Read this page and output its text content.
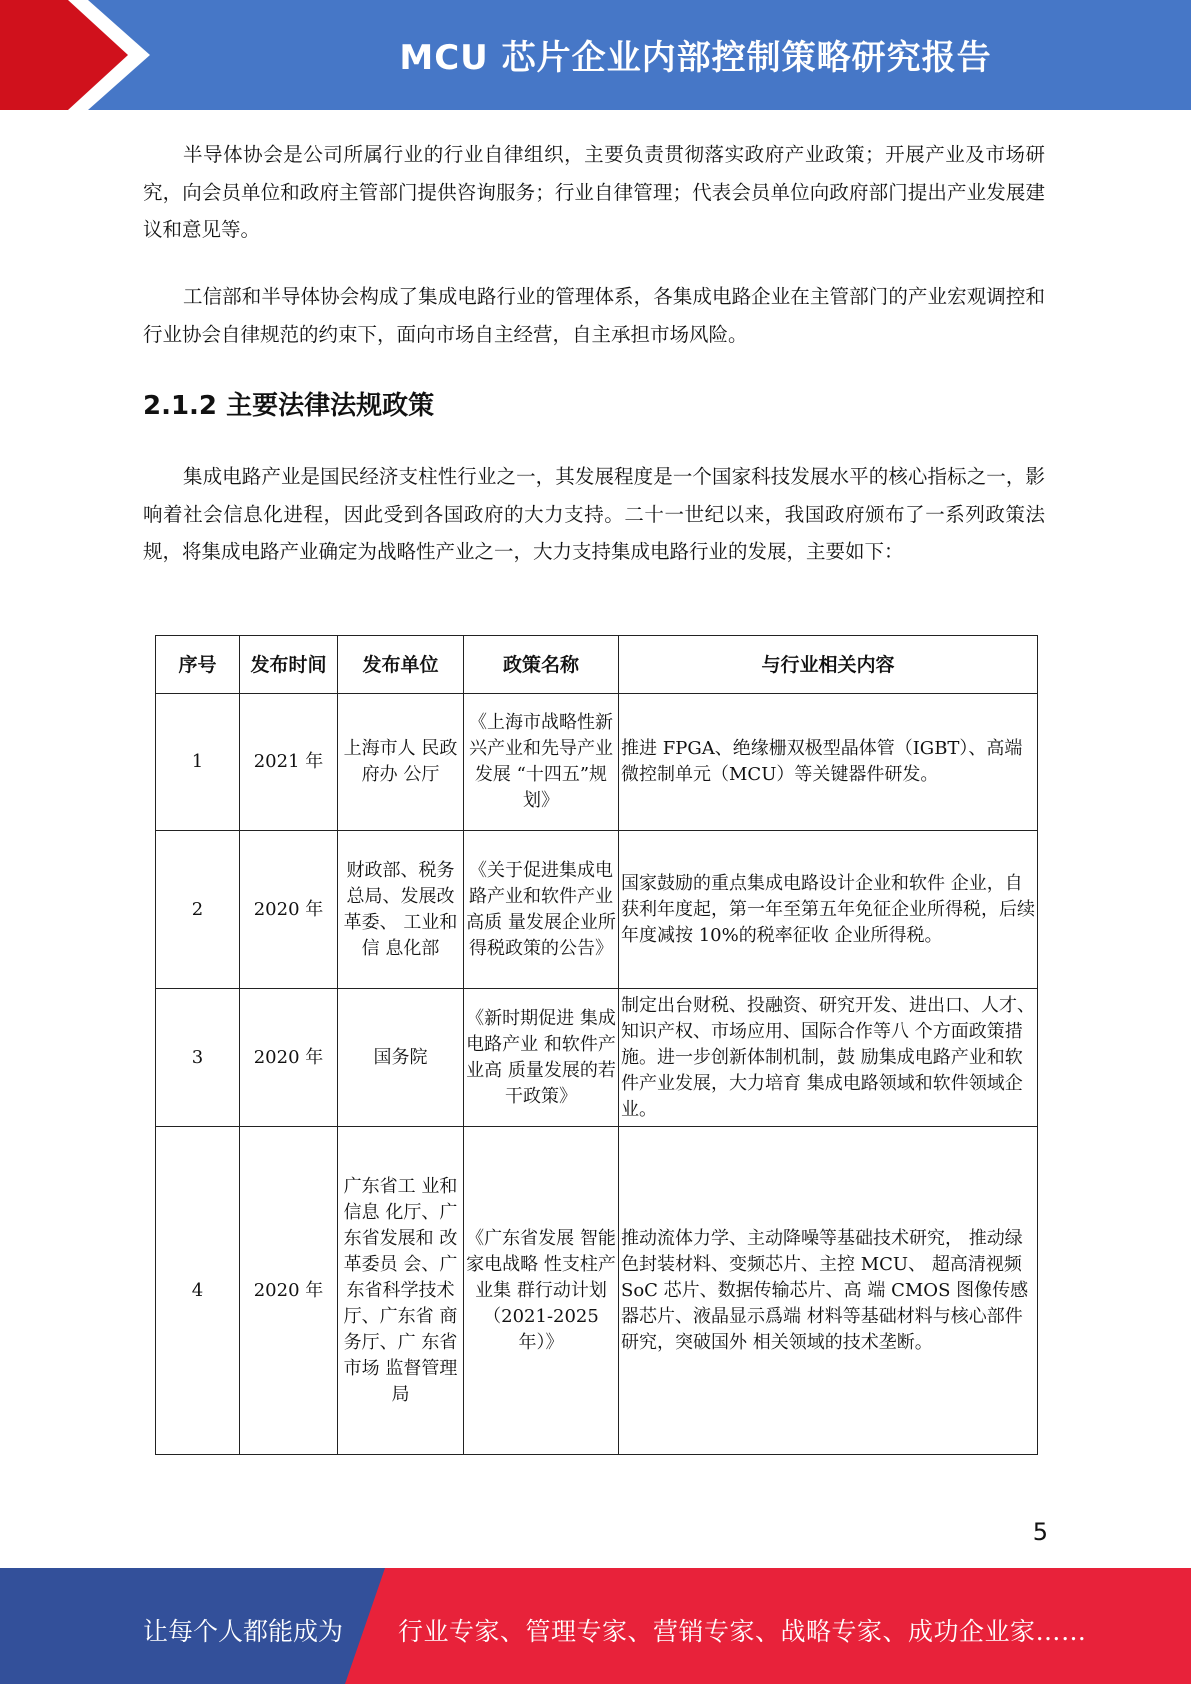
MCU 芯片企业内部控制策略研究报告

半导体协会是公司所属行业的行业自律组织，主要负责贯彻落实政府产业政策；开展产业及市场研究，向会员单位和政府主管部门提供咨询服务；行业自律管理；代表会员单位向政府部门提出产业发展建议和意见等。

工信部和半导体协会构成了集成电路行业的管理体系，各集成电路企业在主管部门的产业宏观调控和行业协会自律规范的约束下，面向市场自主经营，自主承担市场风险。

2.1.2 主要法律法规政策

集成电路产业是国民经济支柱性行业之一，其发展程度是一个国家科技发展水平的核心指标之一，影响着社会信息化进程，因此受到各国政府的大力支持。二十一世纪以来，我国政府颁布了一系列政策法规，将集成电路产业确定为战略性产业之一，大力支持集成电路行业的发展，主要如下：

序号	发布时间	发布单位	政策名称	与行业相关内容
1	2021 年	上海市人 民政府办 公厅	《上海市战略性新兴产业和先导产业发展 “十四五”规划》	推进 FPGA、绝缘栅双极型晶体管（IGBT）、高端微控制单元（MCU）等关键器件研发。
2	2020 年	财政部、税务总局、发展改革委、 工业和信 息化部	《关于促进集成电路产业和软件产业高质 量发展企业所 得税政策的公告》	国家鼓励的重点集成电路设计企业和软件 企业，自获利年度起，第一年至第五年免征企业所得税，后续年度减按 10%的税率征收 企业所得税。
3	2020 年	国务院	《新时期促进 集成电路产业 和软件产业高 质量发展的若 干政策》	制定出台财税、投融资、研究开发、进出口、人才、知识产权、市场应用、国际合作等八 个方面政策措施。进一步创新体制机制，鼓 励集成电路产业和软件产业发展，大力培育 集成电路领域和软件领域企业。
4	2020 年	广东省工 业和信息 化厅、广东省发展和 改革委员 会、广东省科学技术 厅、广东省 商务厅、广 东省市场 监督管理 局	《广东省发展 智能家电战略 性支柱产业集 群行动计划（2021-2025 年）》	推动流体力学、主动降噪等基础技术研究， 推动绿色封装材料、变频芯片、主控 MCU、 超高清视频 SoC 芯片、数据传输芯片、高 端 CMOS 图像传感器芯片、液晶显示爲端 材料等基础材料与核心部件研究，突破国外 相关领域的技术垄断。
5
让每个人都能成为 行业专家、管理专家、营销专家、战略专家、成功企业家……
